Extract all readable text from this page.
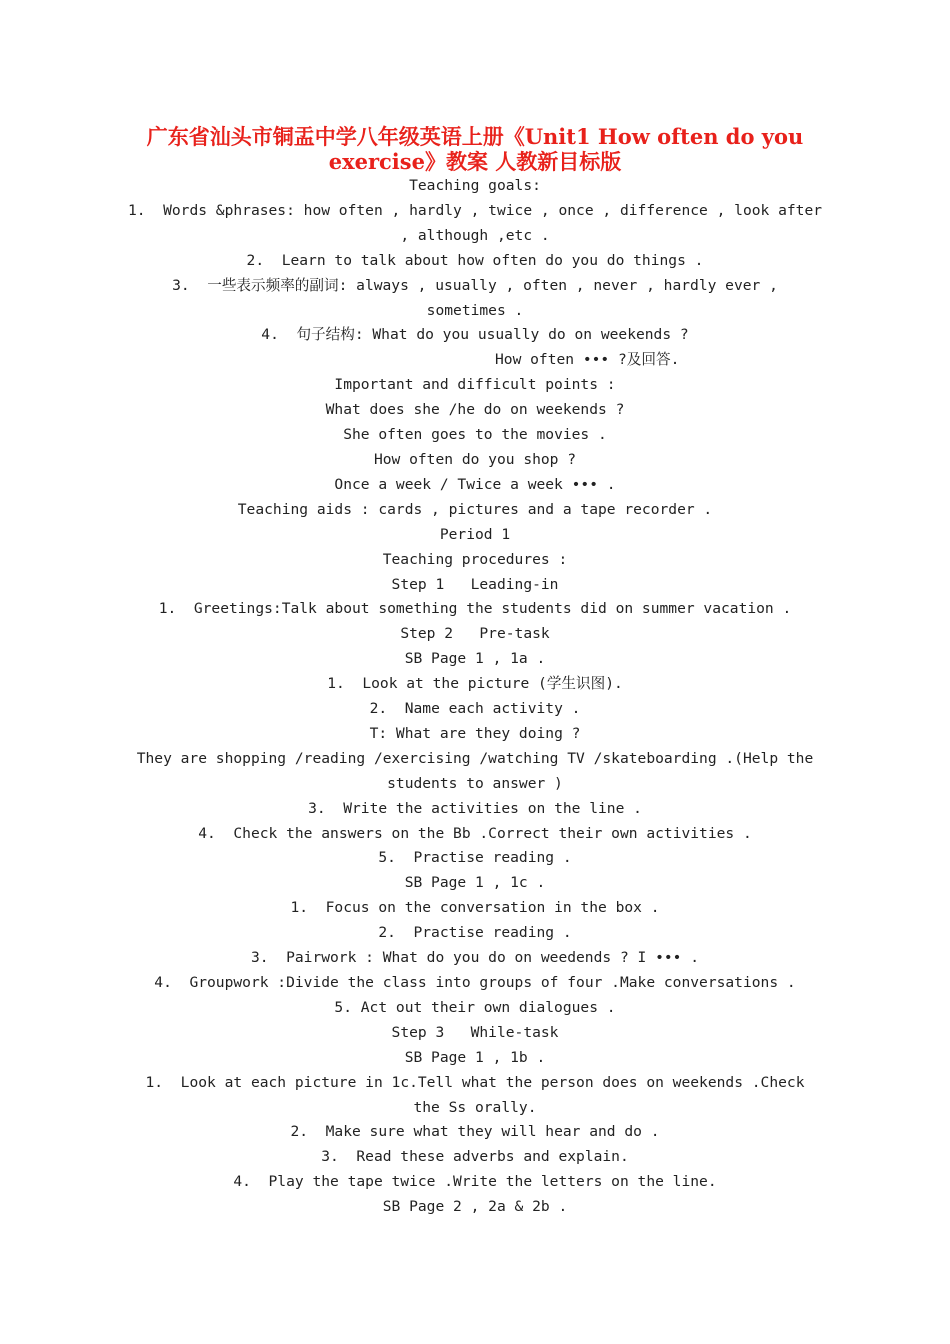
广东省汕头市铜盂中学八年级英语上册《Unit1 How often do you exercise》教案 人教新目标版
Teaching goals:
1.  Words &phrases: how often , hardly , twice , once , difference , look after
, although ,etc .
2.  Learn to talk about how often do you do things .
3.  一些表示频率的副词: always , usually , often , never , hardly ever ,
sometimes .
4.  句子结构: What do you usually do on weekends ?
How often ••• ?及回答.
Important and difficult points :
What does she /he do on weekends ?
She often goes to the movies .
How often do you shop ?
Once a week / Twice a week ••• .
Teaching aids : cards , pictures and a tape recorder .
Period 1
Teaching procedures :
Step 1   Leading-in
1.  Greetings:Talk about something the students did on summer vacation .
Step 2   Pre-task
SB Page 1 , 1a .
1.  Look at the picture (学生识图).
2.  Name each activity .
T: What are they doing ?
They are shopping /reading /exercising /watching TV /skateboarding .(Help the
students to answer )
3.  Write the activities on the line .
4.  Check the answers on the Bb .Correct their own activities .
5.  Practise reading .
SB Page 1 , 1c .
1.  Focus on the conversation in the box .
2.  Practise reading .
3.  Pairwork : What do you do on weedends ? I ••• .
4.  Groupwork :Divide the class into groups of four .Make conversations .
5. Act out their own dialogues .
Step 3   While-task
SB Page 1 , 1b .
1.  Look at each picture in 1c.Tell what the person does on weekends .Check
the Ss orally.
2.  Make sure what they will hear and do .
3.  Read these adverbs and explain.
4.  Play the tape twice .Write the letters on the line.
SB Page 2 , 2a & 2b .
